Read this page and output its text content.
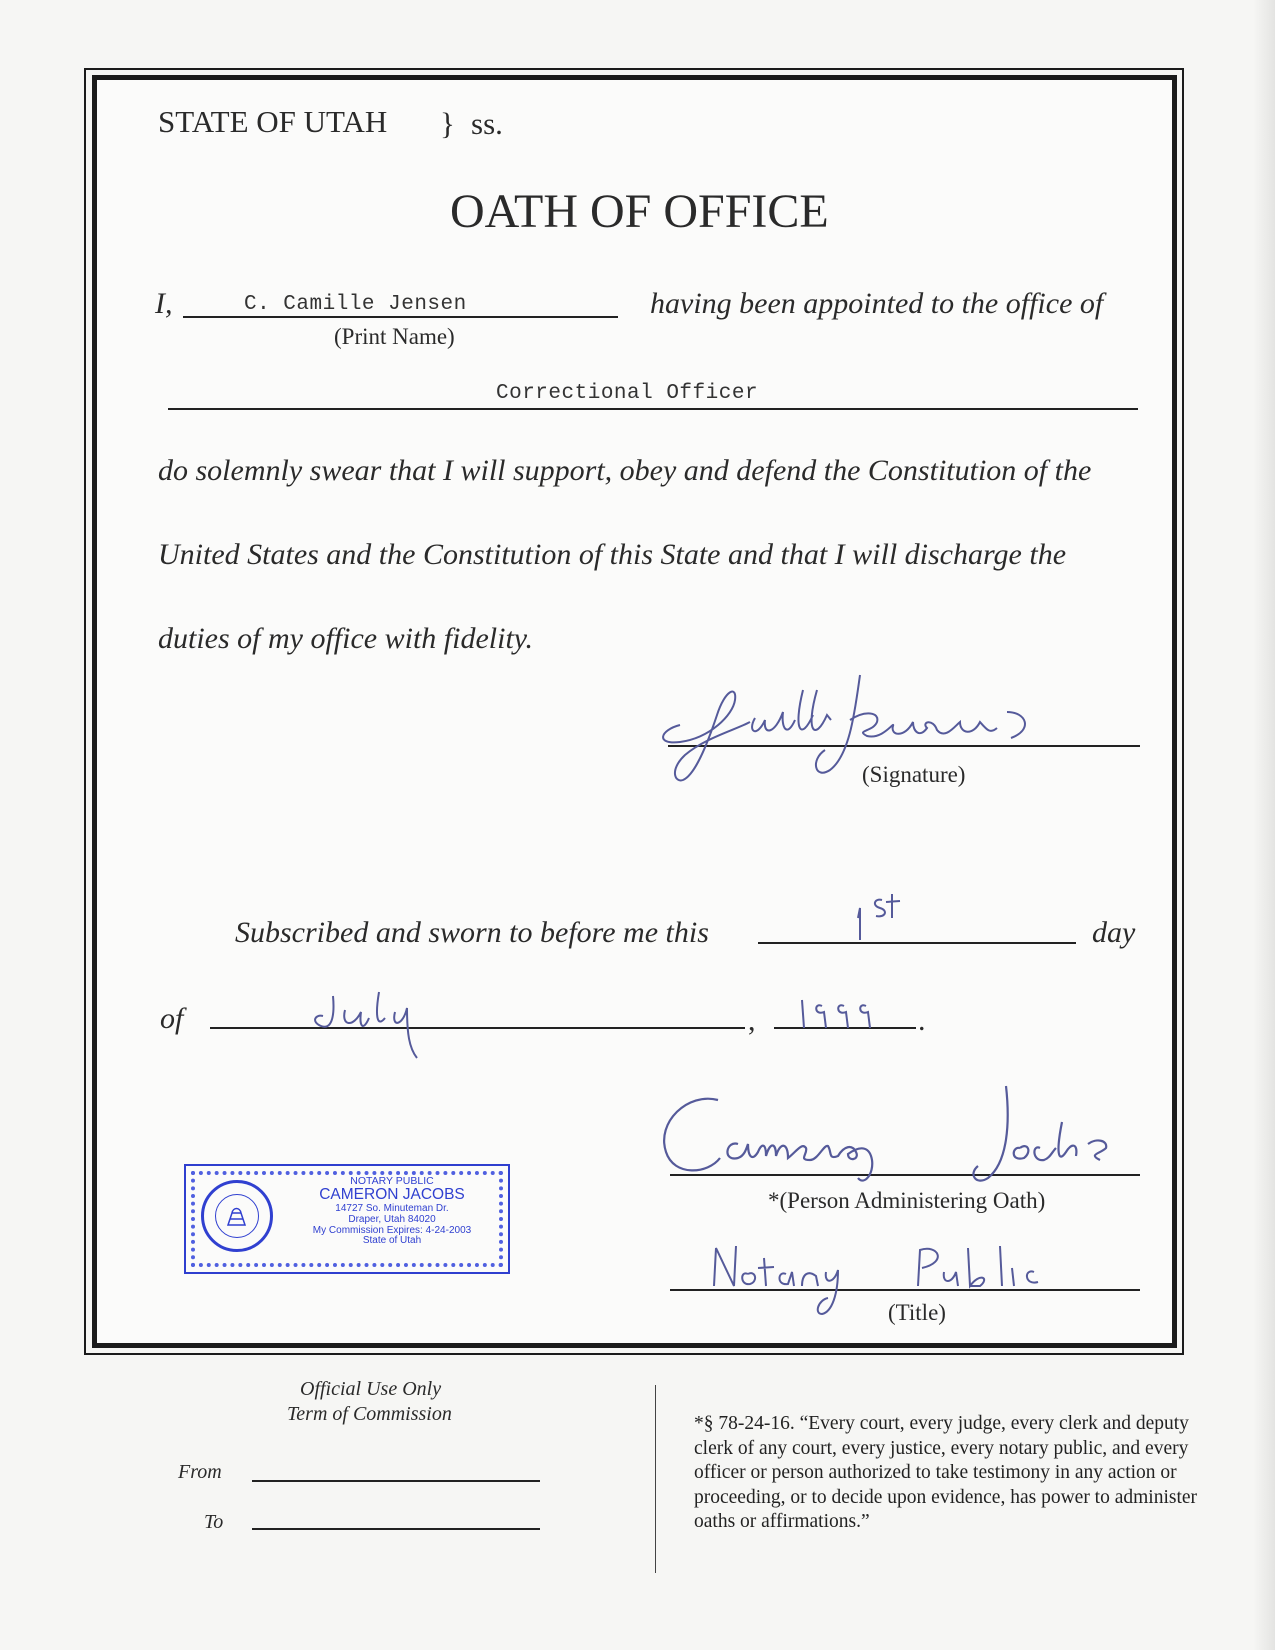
STATE OF UTAH } ss.
OATH OF OFFICE
I,	C. Camille Jensen
(Print Name)
having been appointed to the office of
Correctional Officer
do solemnly swear that I will support, obey and defend the Constitution of the
United States and the Constitution of this State and that I will discharge the
duties of my office with fidelity.
(Signature)
Subscribed and sworn to before me this	day
of	,	.
*(Person Administering Oath)
(Title)
NOTARY PUBLIC
CAMERON JACOBS
14727 So. Minuteman Dr.
Draper, Utah 84020
My Commission Expires: 4-24-2003
State of Utah
Official Use Only
Term of Commission
From
To
*§ 78-24-16. “Every court, every judge, every clerk and deputy clerk of any court, every justice, every notary public, and every officer or person authorized to take testimony in any action or proceeding, or to decide upon evidence, has power to administer oaths or affirmations.”
